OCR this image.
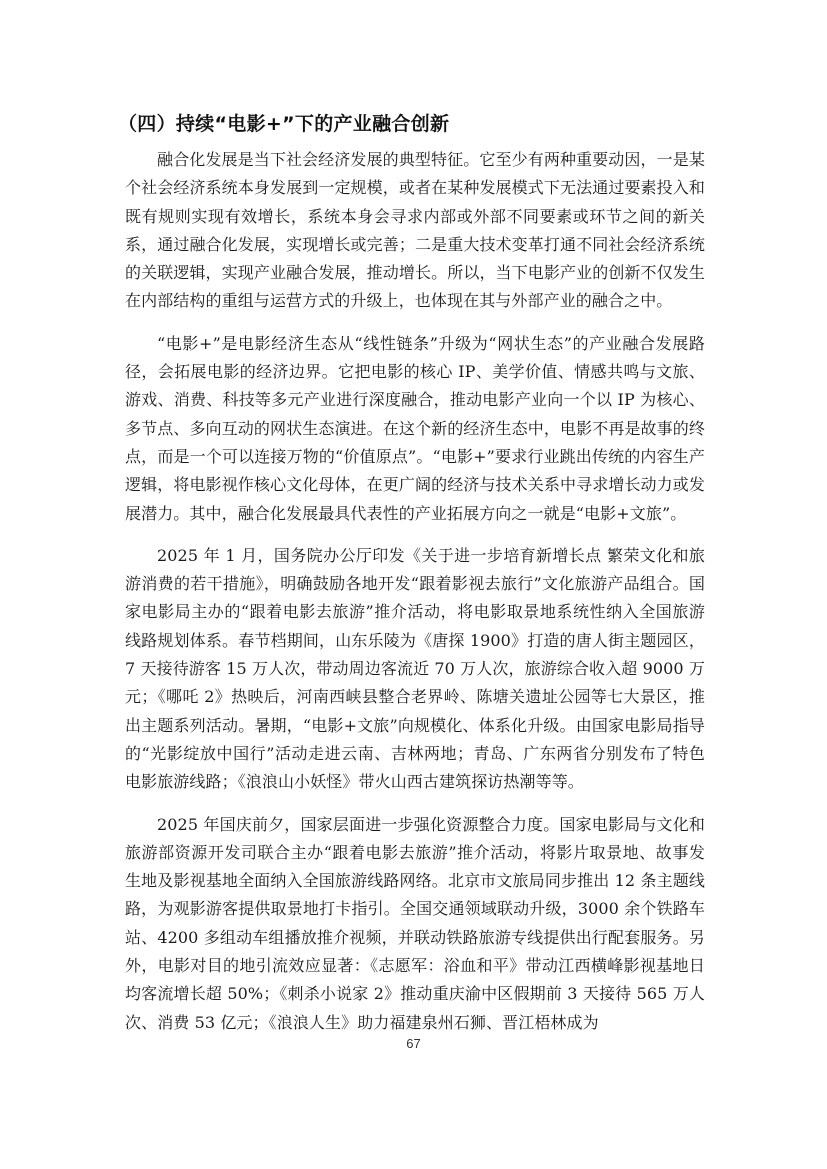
（四）持续“电影+”下的产业融合创新

融合化发展是当下社会经济发展的典型特征。它至少有两种重要动因，一是某个社会经济系统本身发展到一定规模，或者在某种发展模式下无法通过要素投入和既有规则实现有效增长，系统本身会寻求内部或外部不同要素或环节之间的新关系，通过融合化发展，实现增长或完善；二是重大技术变革打通不同社会经济系统的关联逻辑，实现产业融合发展，推动增长。所以，当下电影产业的创新不仅发生在内部结构的重组与运营方式的升级上，也体现在其与外部产业的融合之中。

“电影+”是电影经济生态从“线性链条”升级为“网状生态”的产业融合发展路径，会拓展电影的经济边界。它把电影的核心 IP、美学价值、情感共鸣与文旅、游戏、消费、科技等多元产业进行深度融合，推动电影产业向一个以 IP 为核心、多节点、多向互动的网状生态演进。在这个新的经济生态中，电影不再是故事的终点，而是一个可以连接万物的“价值原点”。“电影+”要求行业跳出传统的内容生产逻辑，将电影视作核心文化母体，在更广阔的经济与技术关系中寻求增长动力或发展潜力。其中，融合化发展最具代表性的产业拓展方向之一就是“电影+文旅”。

2025 年 1 月，国务院办公厅印发《关于进一步培育新增长点 繁荣文化和旅游消费的若干措施》，明确鼓励各地开发“跟着影视去旅行”文化旅游产品组合。国家电影局主办的“跟着电影去旅游”推介活动，将电影取景地系统性纳入全国旅游线路规划体系。春节档期间，山东乐陵为《唐探 1900》打造的唐人街主题园区，7 天接待游客 15 万人次，带动周边客流近 70 万人次，旅游综合收入超 9000 万元；《哪吒 2》热映后，河南西峡县整合老界岭、陈塘关遗址公园等七大景区，推出主题系列活动。暑期，“电影+文旅”向规模化、体系化升级。由国家电影局指导的“光影绽放中国行”活动走进云南、吉林两地；青岛、广东两省分别发布了特色电影旅游线路；《浪浪山小妖怪》带火山西古建筑探访热潮等等。

2025 年国庆前夕，国家层面进一步强化资源整合力度。国家电影局与文化和旅游部资源开发司联合主办“跟着电影去旅游”推介活动，将影片取景地、故事发生地及影视基地全面纳入全国旅游线路网络。北京市文旅局同步推出 12 条主题线路，为观影游客提供取景地打卡指引。全国交通领域联动升级，3000 余个铁路车站、4200 多组动车组播放推介视频，并联动铁路旅游专线提供出行配套服务。另外，电影对目的地引流效应显著：《志愿军：浴血和平》带动江西横峰影视基地日均客流增长超 50%；《刺杀小说家 2》推动重庆渝中区假期前 3 天接待 565 万人次、消费 53 亿元；《浪浪人生》助力福建泉州石狮、晋江梧林成为

67
